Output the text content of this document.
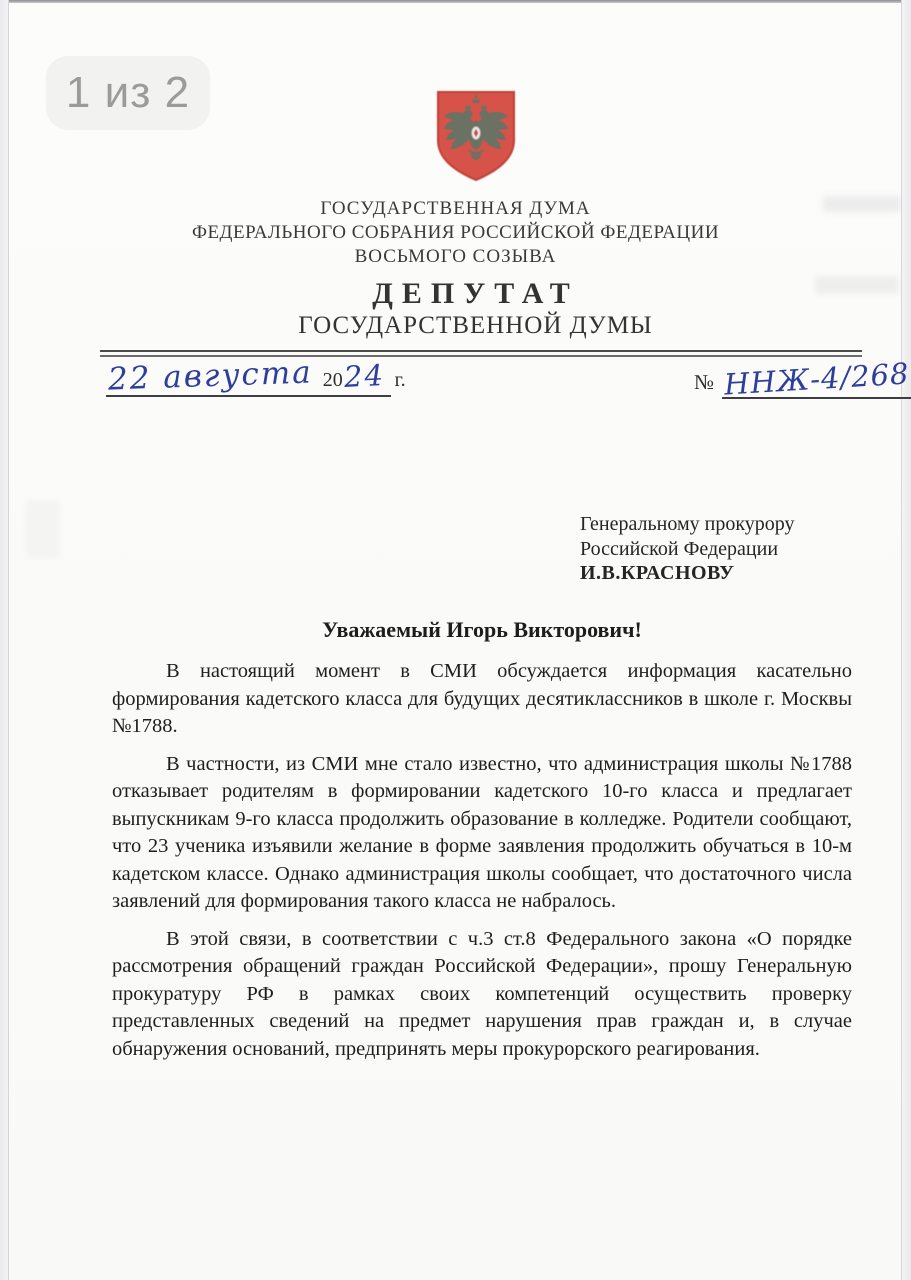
1 из 2
ГОСУДАРСТВЕННАЯ ДУМА
ФЕДЕРАЛЬНОГО СОБРАНИЯ РОССИЙСКОЙ ФЕДЕРАЦИИ
ВОСЬМОГО СОЗЫВА
ДЕПУТАТ
ГОСУДАРСТВЕННОЙ ДУМЫ
22 августа 20 24 г.	№ ННЖ-4/268
Генеральному прокурору
Российской Федерации
И.В.КРАСНОВУ
Уважаемый Игорь Викторович!

В настоящий момент в СМИ обсуждается информация касательно формирования кадетского класса для будущих десятиклассников в школе г. Москвы №1788.

В частности, из СМИ мне стало известно, что администрация школы №1788 отказывает родителям в формировании кадетского 10-го класса и предлагает выпускникам 9-го класса продолжить образование в колледже. Родители сообщают, что 23 ученика изъявили желание в форме заявления продолжить обучаться в 10-м кадетском классе. Однако администрация школы сообщает, что достаточного числа заявлений для формирования такого класса не набралось.

В этой связи, в соответствии с ч.3 ст.8 Федерального закона «О порядке рассмотрения обращений граждан Российской Федерации», прошу Генеральную прокуратуру РФ в рамках своих компетенций осуществить проверку представленных сведений на предмет нарушения прав граждан и, в случае обнаружения оснований, предпринять меры прокурорского реагирования.
